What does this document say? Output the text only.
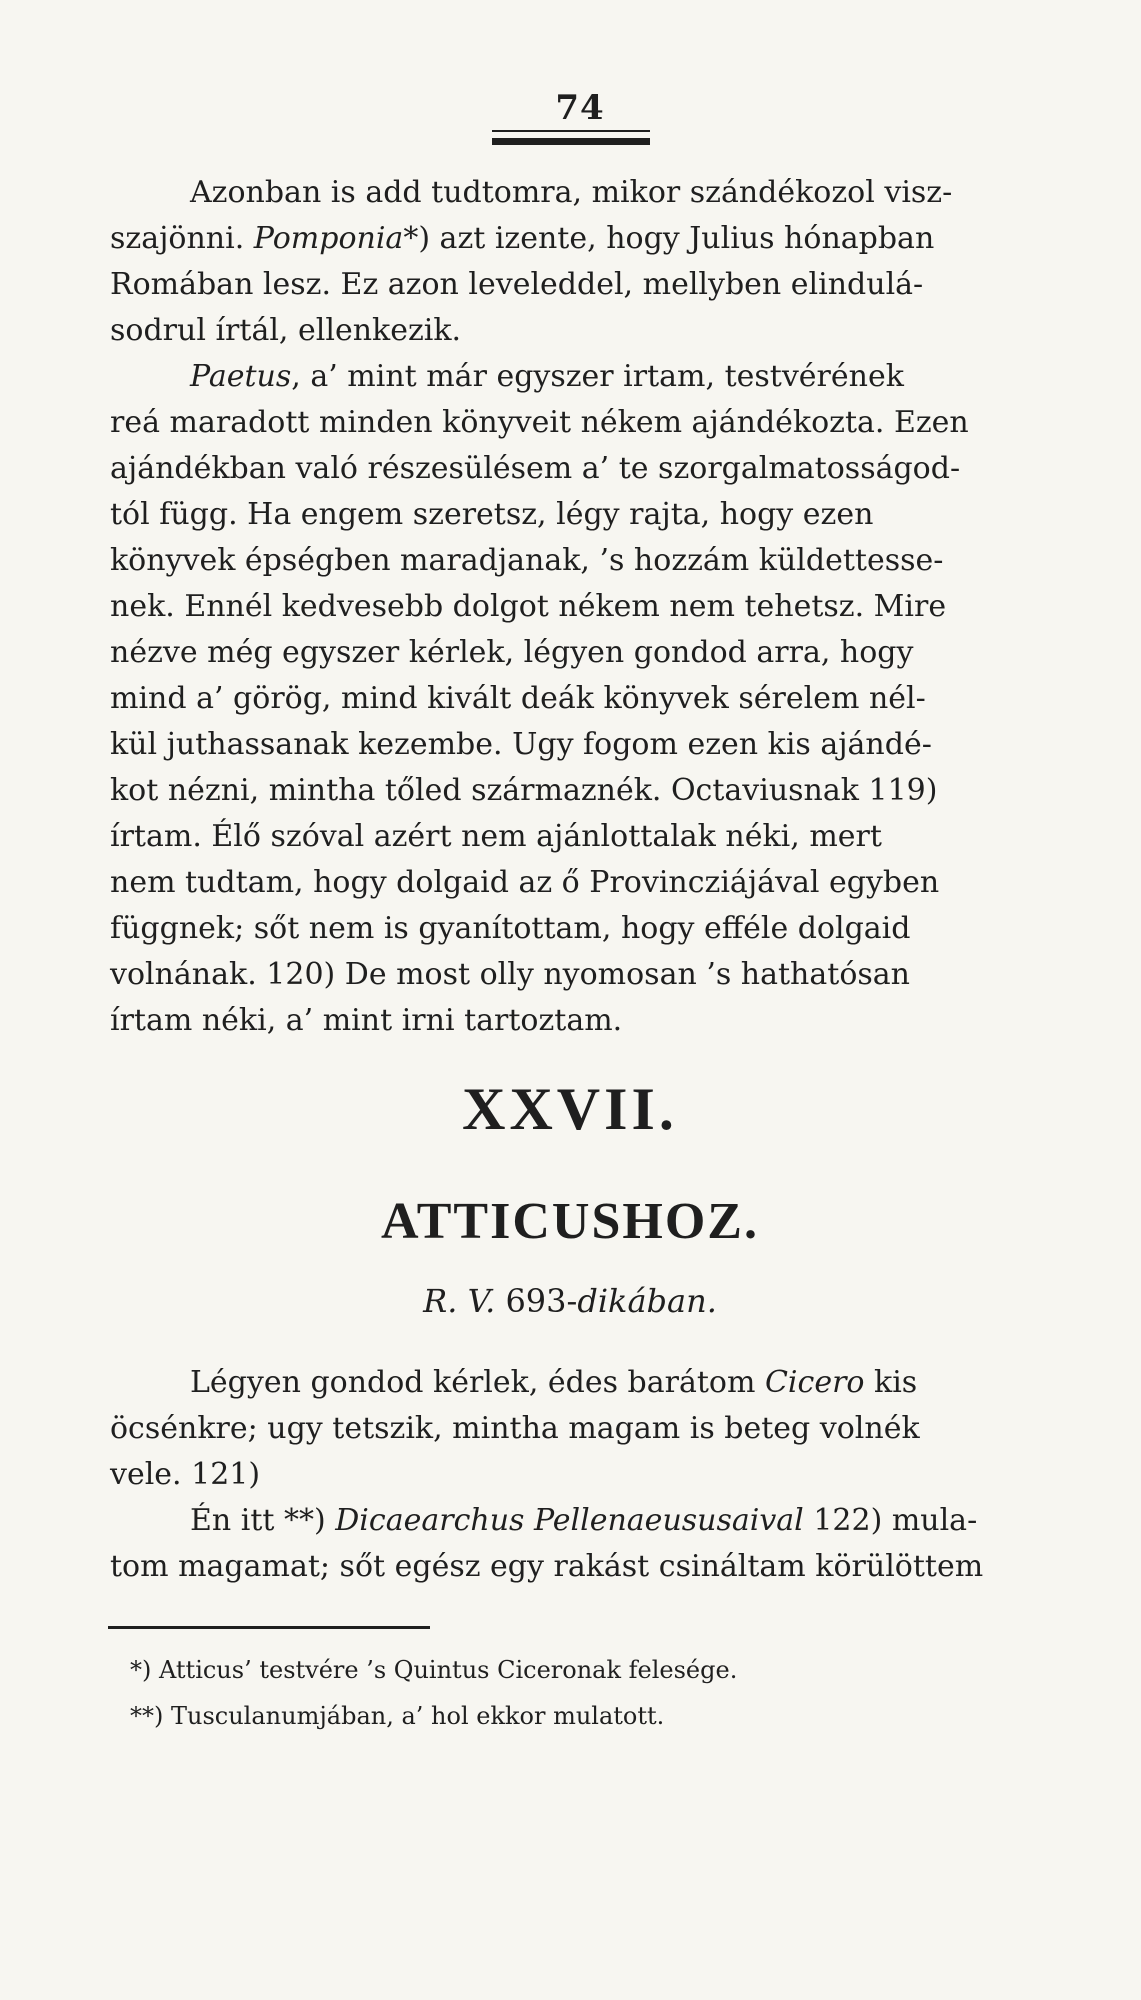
74
Azonban is add tudtomra, mikor szándékozol visz-
szajönni. Pomponia*) azt izente, hogy Julius hónapban
Romában lesz. Ez azon leveleddel, mellyben elindulá-
sodrul írtál, ellenkezik.
Paetus, a’ mint már egyszer irtam, testvérének
reá maradott minden könyveit nékem ajándékozta. Ezen
ajándékban való részesülésem a’ te szorgalmatosságod-
tól függ. Ha engem szeretsz, légy rajta, hogy ezen
könyvek épségben maradjanak, ’s hozzám küldettesse-
nek. Ennél kedvesebb dolgot nékem nem tehetsz. Mire
nézve még egyszer kérlek, légyen gondod arra, hogy
mind a’ görög, mind kivált deák könyvek sérelem nél-
kül juthassanak kezembe. Ugy fogom ezen kis ajándé-
kot nézni, mintha tőled származnék. Octaviusnak 119)
írtam. Élő szóval azért nem ajánlottalak néki, mert
nem tudtam, hogy dolgaid az ő Provincziájával egyben
függnek; sőt nem is gyanítottam, hogy efféle dolgaid
volnának. 120) De most olly nyomosan ’s hathatósan
írtam néki, a’ mint irni tartoztam.
XXVII.
ATTICUSHOZ.
R. V. 693-dikában.
Légyen gondod kérlek, édes barátom Cicero kis
öcsénkre; ugy tetszik, mintha magam is beteg volnék
vele. 121)
Én itt **) Dicaearchus Pellenaeususaival 122) mula-
tom magamat; sőt egész egy rakást csináltam körülöttem
*) Atticus’ testvére ’s Quintus Ciceronak felesége.
**) Tusculanumjában, a’ hol ekkor mulatott.
